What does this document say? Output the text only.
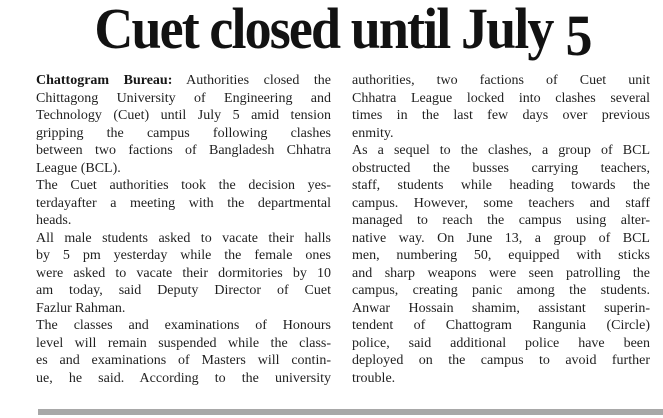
Cuet closed until July 5
Chattogram Bureau: Authorities closed the
Chittagong University of Engineering and
Technology (Cuet) until July 5 amid tension
gripping the campus following clashes
between two factions of Bangladesh Chhatra
League (BCL).
The Cuet authorities took the decision yes-
terdayafter a meeting with the departmental
heads.
All male students asked to vacate their halls
by 5 pm yesterday while the female ones
were asked to vacate their dormitories by 10
am today, said Deputy Director of Cuet
Fazlur Rahman.
The classes and examinations of Honours
level will remain suspended while the class-
es and examinations of Masters will contin-
ue, he said. According to the university
authorities, two factions of Cuet unit
Chhatra League locked into clashes several
times in the last few days over previous
enmity.
As a sequel to the clashes, a group of BCL
obstructed the busses carrying teachers,
staff, students while heading towards the
campus. However, some teachers and staff
managed to reach the campus using alter-
native way. On June 13, a group of BCL
men, numbering 50, equipped with sticks
and sharp weapons were seen patrolling the
campus, creating panic among the students.
Anwar Hossain shamim, assistant superin-
tendent of Chattogram Rangunia (Circle)
police, said additional police have been
deployed on the campus to avoid further
trouble.
